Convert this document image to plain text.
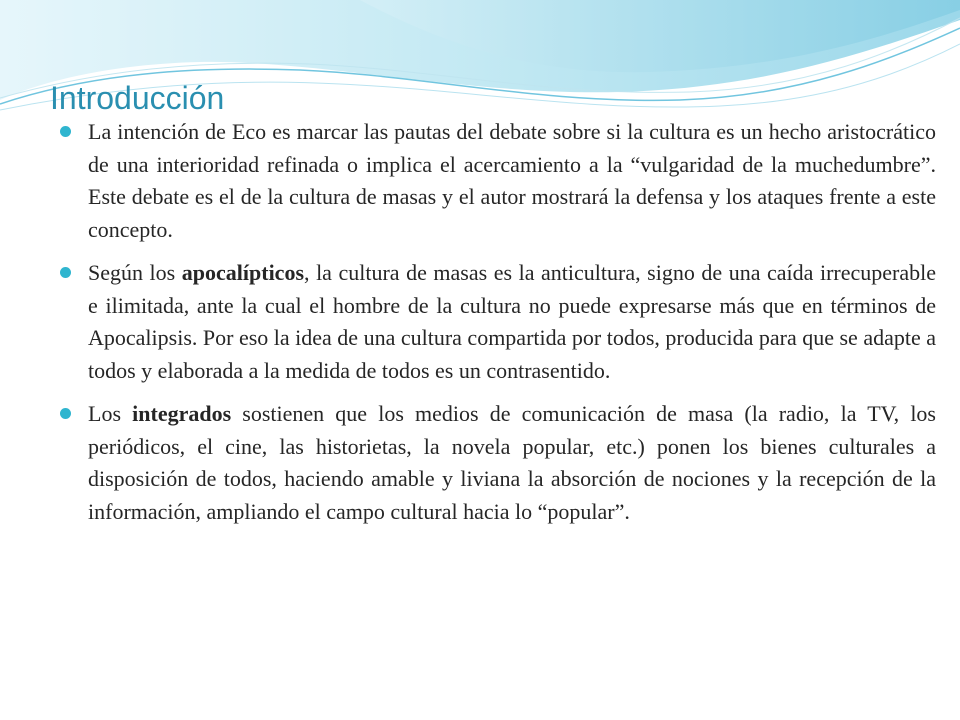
Introducción

La intención de Eco es marcar las pautas del debate sobre si la cultura es un hecho aristocrático de una interioridad refinada o implica el acercamiento a la “vulgaridad de la muchedumbre”. Este debate es el de la cultura de masas y el autor mostrará la defensa y los ataques frente a este concepto.

Según los apocalípticos, la cultura de masas es la anticultura, signo de una caída irrecuperable e ilimitada, ante la cual el hombre de la cultura no puede expresarse más que en términos de Apocalipsis. Por eso la idea de una cultura compartida por todos, producida para que se adapte a todos y elaborada a la medida de todos es un contrasentido.

Los integrados sostienen que los medios de comunicación de masa (la radio, la TV, los periódicos, el cine, las historietas, la novela popular, etc.) ponen los bienes culturales a disposición de todos, haciendo amable y liviana la absorción de nociones y la recepción de la información, ampliando el campo cultural hacia lo “popular”.
